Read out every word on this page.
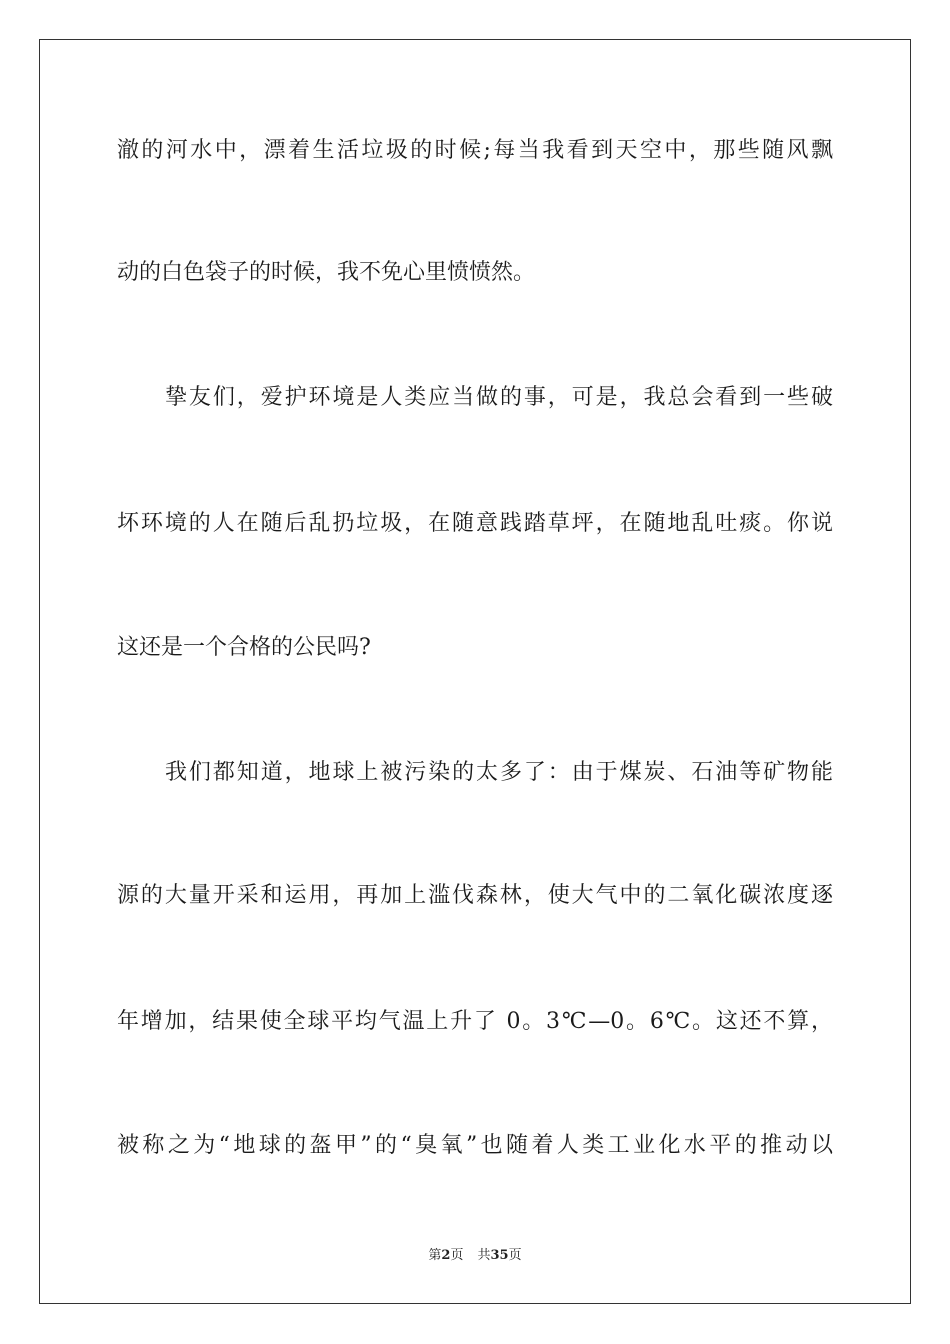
澈的河水中，漂着生活垃圾的时候;每当我看到天空中，那些随风飘
动的白色袋子的时候，我不免心里愤愤然。
挚友们，爱护环境是人类应当做的事，可是，我总会看到一些破
坏环境的人在随后乱扔垃圾，在随意践踏草坪，在随地乱吐痰。你说
这还是一个合格的公民吗?
我们都知道，地球上被污染的太多了：由于煤炭、石油等矿物能
源的大量开采和运用，再加上滥伐森林，使大气中的二氧化碳浓度逐
年增加，结果使全球平均气温上升了 0。3℃—0。6℃。这还不算，
被称之为“地球的盔甲”的“臭氧”也随着人类工业化水平的推动以
第2页 共35页
